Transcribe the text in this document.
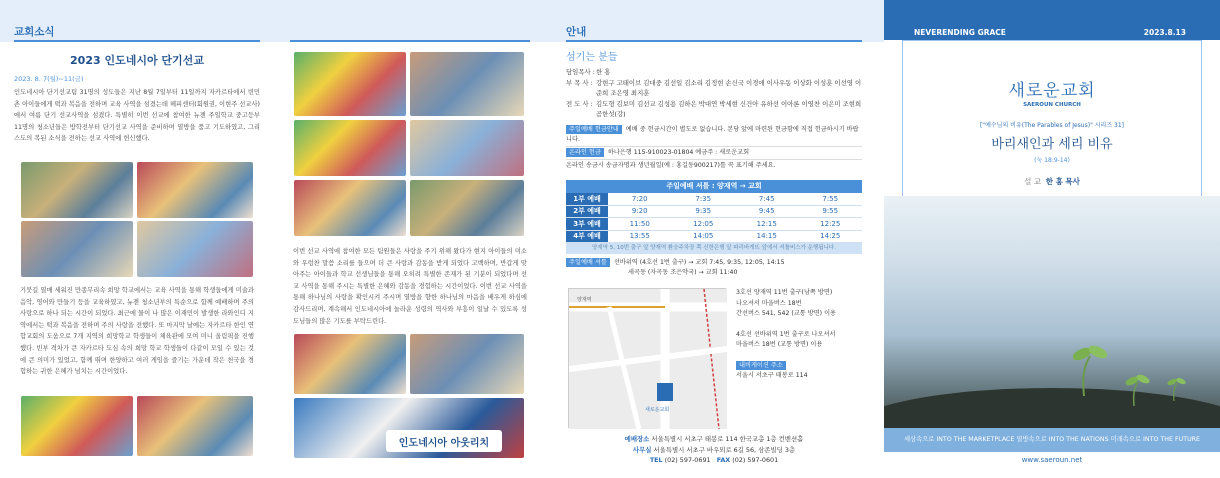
교회소식	안내
2023 인도네시아 단기선교
2023. 8. 7(월)~11(금)
인도네시아 단기선교팀 31명의 성도들은 지난 8월 7일부터 11일까지 자카르타에서 빈민촌 아이들에게 떡과 복음을 전하며 교육 사역을 섬겼는데 헤피센터(회원권, 이현주 선교사)에서 여름 단기 선교사역을 섬겼다. 특별히 이번 선교에 참여한 뉴젠 주일학교 중고등부 11명의 청소년들은 방학전부터 단기선교 사역을 준비하며 열방을 품고 기도하였고, 그리스도의 복된 소식을 전하는 선교 사역에 헌신했다.
기붓길 열매 세워진 만종무리속 희망 학교에서는 교육 사역을 통해 학생들에게 미술과 음악, 영어와 만들기 등을 교육하였고, 뉴젠 청소년부의 특순으로 함께 예배하며 주의 사랑으로 하나 되는 시간이 되었다. 최근에 물이 나 많은 이재민이 발생한 라와인디 지역에서는 떡과 복음을 전하며 주의 사랑을 전했다. 또 마지막 날에는 자카르타 한인 연합교회의 도움으로 7개 지역의 희망학교 학생들이 체육관에 모여 미니 올림픽을 진행했다. 빈부 격차가 큰 자카르타 도심 속의 희망 학교 학생들이 다같이 모일 수 있는 것에 큰 의미가 있었고, 함께 뛰며 한양하고 여러 게임을 즐기는 가운데 작은 천국을 경험하는 귀한 은혜가 넘치는 시간이었다.
이번 선교 사역에 참여한 모든 팀원들은 사랑을 주기 위해 왔다가 현지 아이들의 미소와 우렁찬 말씀 소리를 들으며 더 큰 사랑과 감동을 받게 되었다 고백하며, 반갑게 맞아주는 아이들과 학교 선생님들을 통해 오히려 특별한 존재가 된 기분이 되었다며 선교 사역을 통해 주시는 특별한 은혜와 감동을 경험하는 시간이었다. 이번 선교 사역을 통해 하나님의 사랑을 확인시켜 주시며 열방을 향한 하나님의 마음을 배우게 하심에 감사드리며, 계속해서 인도네시아에 놀라운 성령의 역사와 부흥이 일날 수 있도록 성도님들의 많은 기도를 부탁드린다.
인도네시아 아웃리치
섬기는 분들
담임목사 : 한 홍
부 목 사 : 강현구 고태이브 김대중 김선일 김소리 김정현 손신국 이경애 이사우동 이상화 이성훈 이선영 이준희 조은영 최지훈
전 도 사 : 김도형 김보미 김선교 김성용 김하은 박대연 박세현 신건아 유하선 이아론 이영찬 이은미 조현희 곰한섯(강)
주일예배 헌금안내 예배 중 헌금시간이 별도로 없습니다. 본당 앞에 마련된 헌금함에 직접 헌금하시기 바랍니다.
온라인 헌금 하나은행 115-910023-01804 예금주 : 새로운교회
온라인 송금시 송금자명과 생년월일(예 : 홍길동900217)를 꼭 표기해 주세요.
주일예배 셔틀 : 양재역 → 교회				
1부 예배	7:20	7:35	7:45	7:55
2부 예배	9:20	9:35	9:45	9:55
3부 예배	11:50	12:05	12:15	12:25
4부 예배	13:55	14:05	14:15	14:25
양재역 5, 10번 출구 앞 양재역 환승주차장 쪽 신한은행 앞 파리바게뜨 앞에서 셔틀버스가 운행됩니다.
주일예배 셔틀 선바위역 (4호선 1번 출구) → 교회 7:45, 9:35, 12:05, 14:15
세곡동 (자곡동 조은약국) → 교회 11:40
양재역
새로운교회
3호선 양재역 11번 출구(남쪽 방면)
나오셔서 마을버스 18번
간선버스 541, 542 (교통 방면) 이용
4호선 선바위역 1번 출구로 나오셔서
마을버스 18번 (교통 방면) 이용
내비게이션 주소
서울시 서초구 태봉로 114
예배장소 서울특별시 서초구 태봉로 114 한국교총 1층 컨벤션홀
사무실 서울특별시 서초구 바우뫼로 6길 56, 삼존빌딩 3층
TEL (02) 597-0691 FAX (02) 597-0601
NEVERENDING GRACE	2023.8.13
새로운교회
SAEROUN CHURCH
["예수님의 비유(The Parables of Jesus)" 시리즈 31]
바리새인과 세리 비유
(눅 18:9-14)
설 교 한 홍 목사
세상속으로 INTO THE MARKETPLACE 열방속으로 INTO THE NATIONS 미래속으로 INTO THE FUTURE
www.saeroun.net
